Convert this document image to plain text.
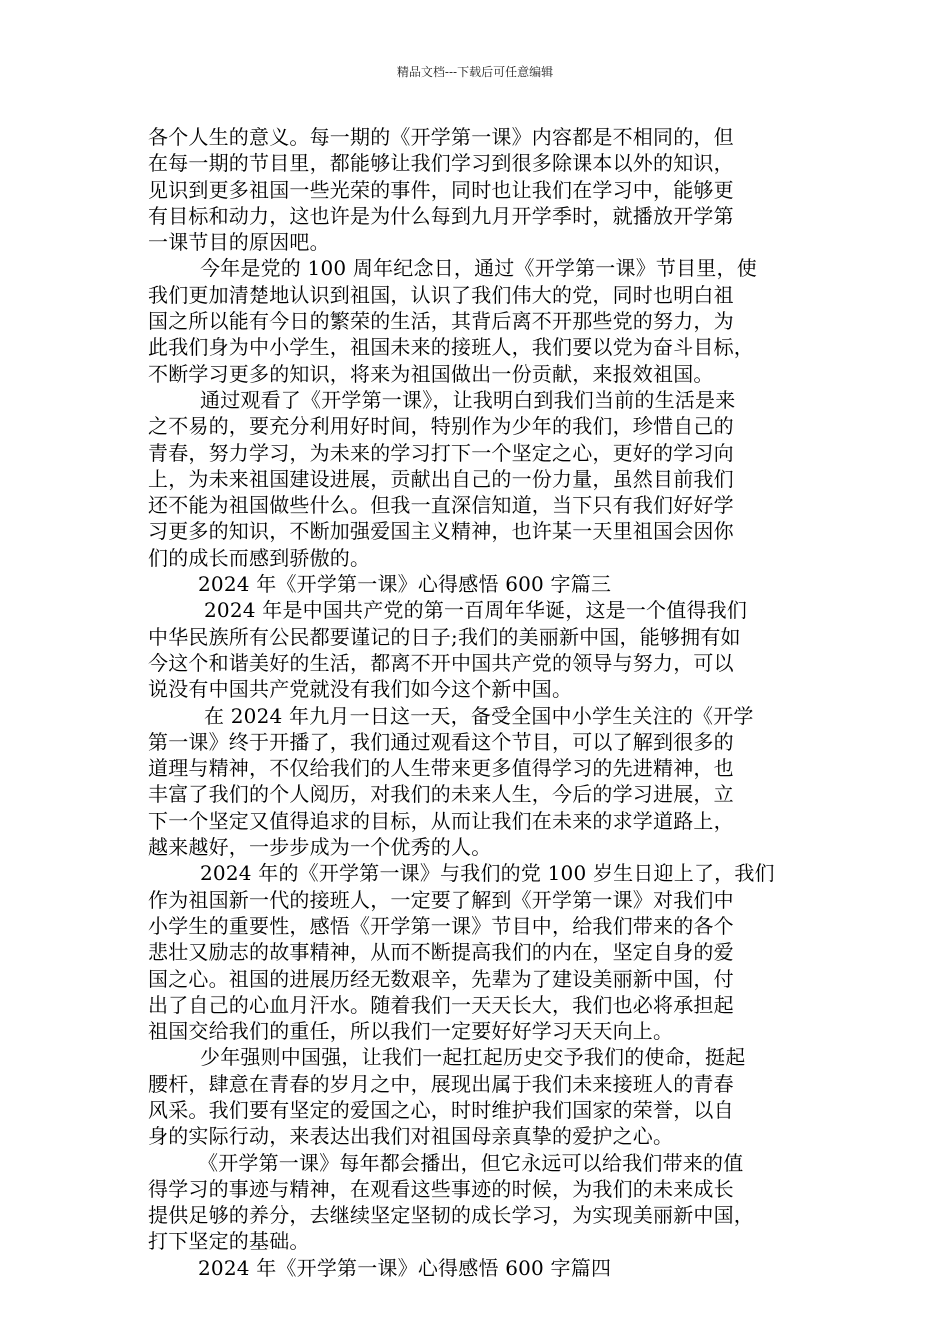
精品文档---下载后可任意编辑
各个人生的意义。每一期的《开学第一课》内容都是不相同的，但
在每一期的节目里，都能够让我们学习到很多除课本以外的知识，
见识到更多祖国一些光荣的事件，同时也让我们在学习中，能够更
有目标和动力，这也许是为什么每到九月开学季时，就播放开学第
一课节目的原因吧。
今年是党的 100 周年纪念日，通过《开学第一课》节目里，使
我们更加清楚地认识到祖国，认识了我们伟大的党，同时也明白祖
国之所以能有今日的繁荣的生活，其背后离不开那些党的努力，为
此我们身为中小学生，祖国未来的接班人，我们要以党为奋斗目标，
不断学习更多的知识，将来为祖国做出一份贡献，来报效祖国。
通过观看了《开学第一课》，让我明白到我们当前的生活是来
之不易的，要充分利用好时间，特别作为少年的我们，珍惜自己的
青春，努力学习，为未来的学习打下一个坚定之心，更好的学习向
上，为未来祖国建设进展，贡献出自己的一份力量，虽然目前我们
还不能为祖国做些什么。但我一直深信知道，当下只有我们好好学
习更多的知识，不断加强爱国主义精神，也许某一天里祖国会因你
们的成长而感到骄傲的。
2024 年《开学第一课》心得感悟 600 字篇三
2024 年是中国共产党的第一百周年华诞，这是一个值得我们
中华民族所有公民都要谨记的日子;我们的美丽新中国，能够拥有如
今这个和谐美好的生活，都离不开中国共产党的领导与努力，可以
说没有中国共产党就没有我们如今这个新中国。
在 2024 年九月一日这一天，备受全国中小学生关注的《开学
第一课》终于开播了，我们通过观看这个节目，可以了解到很多的
道理与精神，不仅给我们的人生带来更多值得学习的先进精神，也
丰富了我们的个人阅历，对我们的未来人生，今后的学习进展，立
下一个坚定又值得追求的目标，从而让我们在未来的求学道路上，
越来越好，一步步成为一个优秀的人。
2024 年的《开学第一课》与我们的党 100 岁生日迎上了，我们
作为祖国新一代的接班人，一定要了解到《开学第一课》对我们中
小学生的重要性，感悟《开学第一课》节目中，给我们带来的各个
悲壮又励志的故事精神，从而不断提高我们的内在，坚定自身的爱
国之心。祖国的进展历经无数艰辛，先辈为了建设美丽新中国，付
出了自己的心血月汗水。随着我们一天天长大，我们也必将承担起
祖国交给我们的重任，所以我们一定要好好学习天天向上。
少年强则中国强，让我们一起扛起历史交予我们的使命，挺起
腰杆，肆意在青春的岁月之中，展现出属于我们未来接班人的青春
风采。我们要有坚定的爱国之心，时时维护我们国家的荣誉，以自
身的实际行动，来表达出我们对祖国母亲真挚的爱护之心。
《开学第一课》每年都会播出，但它永远可以给我们带来的值
得学习的事迹与精神，在观看这些事迹的时候，为我们的未来成长
提供足够的养分，去继续坚定坚韧的成长学习，为实现美丽新中国，
打下坚定的基础。
2024 年《开学第一课》心得感悟 600 字篇四
